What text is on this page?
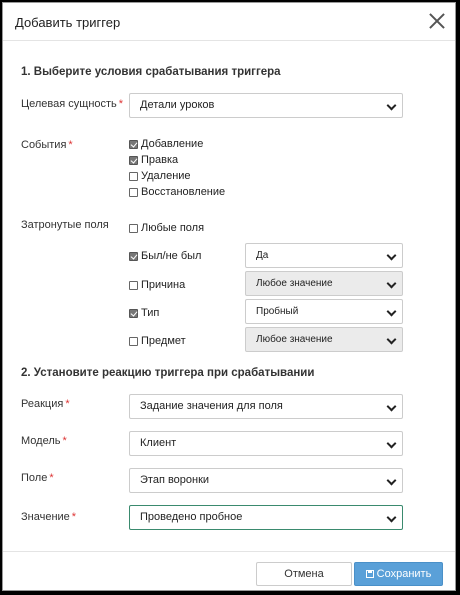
Добавить триггер
1. Выберите условия срабатывания триггера
Целевая сущность *	Детали уроков
События *	Добавление
Правка
Удаление
Восстановление
Затронутые поля	Любые поля
Был/не был	Да
Причина	Любое значение
Тип	Пробный
Предмет	Любое значение
2. Установите реакцию триггера при срабатывании
Реакция *	Задание значения для поля
Модель *	Клиент
Поле *	Этап воронки
Значение *	Проведено пробное
Отмена	Сохранить
